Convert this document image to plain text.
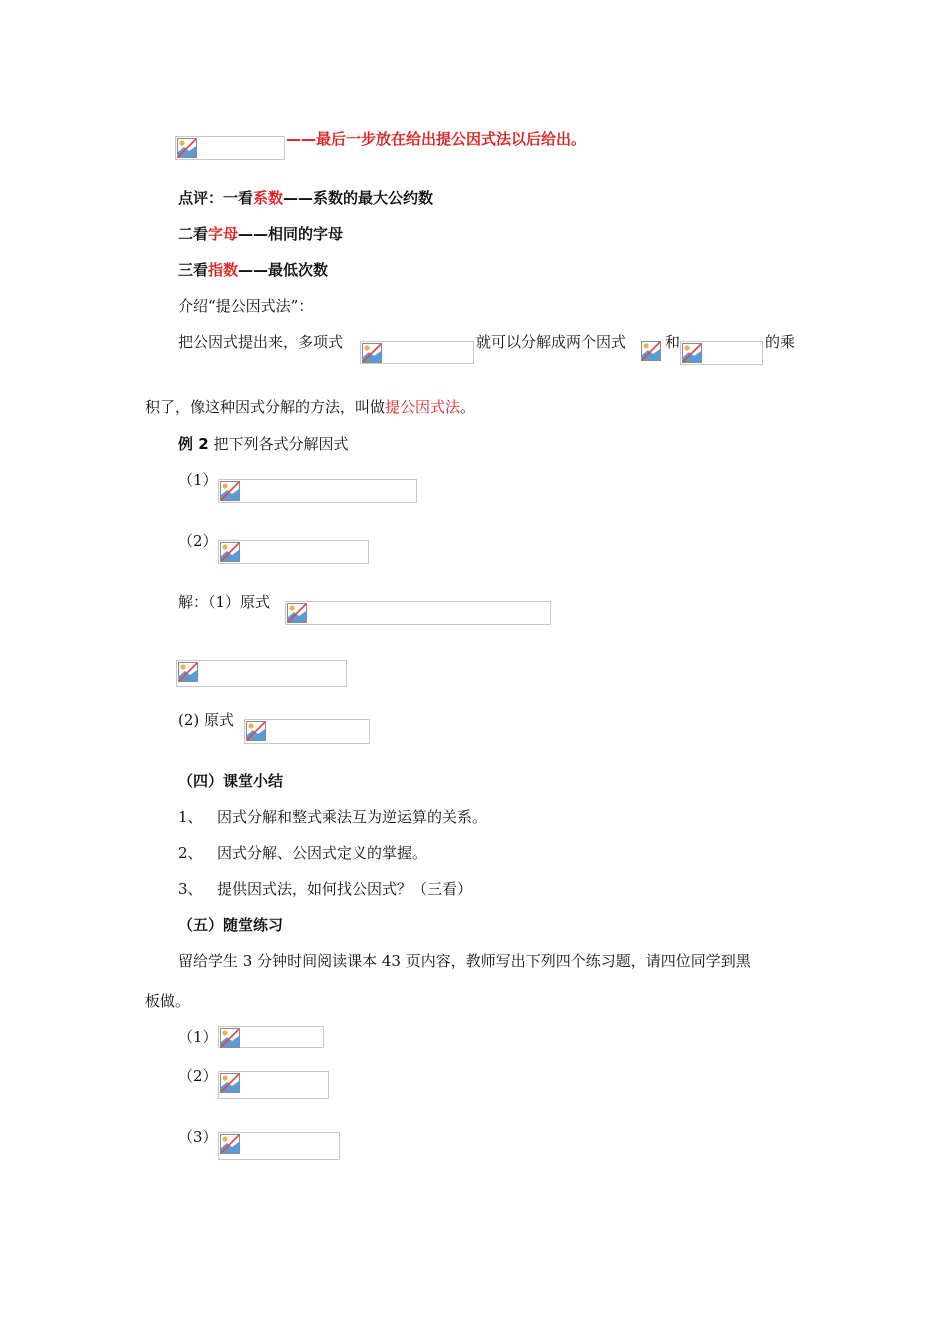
——最后一步放在给出提公因式法以后给出。
点评：一看系数——系数的最大公约数
二看字母——相同的字母
三看指数——最低次数
介绍“提公因式法”：
把公因式提出来，多项式	就可以分解成两个因式	和	的乘
积了，像这种因式分解的方法，叫做提公因式法。
例 2 把下列各式分解因式
（1）
（2）
解：（1）原式
(2) 原式
（四）课堂小结
1、 因式分解和整式乘法互为逆运算的关系。
2、 因式分解、公因式定义的掌握。
3、 提供因式法，如何找公因式？（三看）
（五）随堂练习
留给学生 3 分钟时间阅读课本 43 页内容，教师写出下列四个练习题，请四位同学到黑
板做。
（1）
（2）
（3）
